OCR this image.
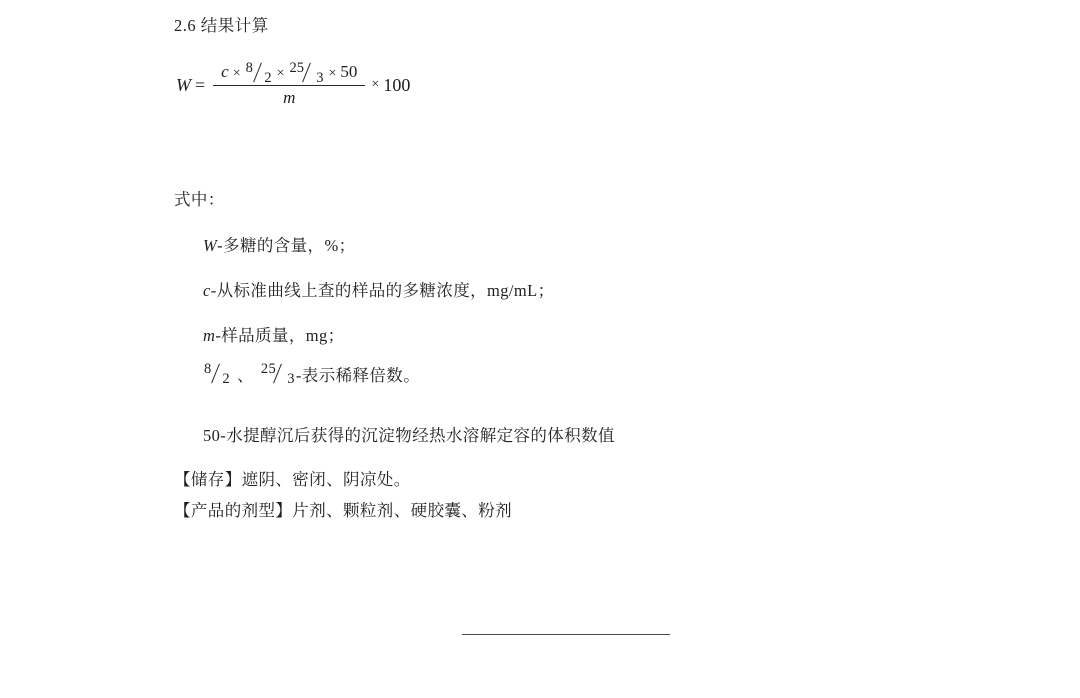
2.6 结果计算
W = c × 8
2 × 25
3 × 50
m × 100
式中：
W-多糖的含量，%；
c-从标准曲线上查的样品的多糖浓度，mg/mL；
m-样品质量，mg；
8
2 、 25
3 -表示稀释倍数。
50-水提醇沉后获得的沉淀物经热水溶解定容的体积数值
【储存】遮阴、密闭、阴凉处。
【产品的剂型】片剂、颗粒剂、硬胶囊、粉剂
